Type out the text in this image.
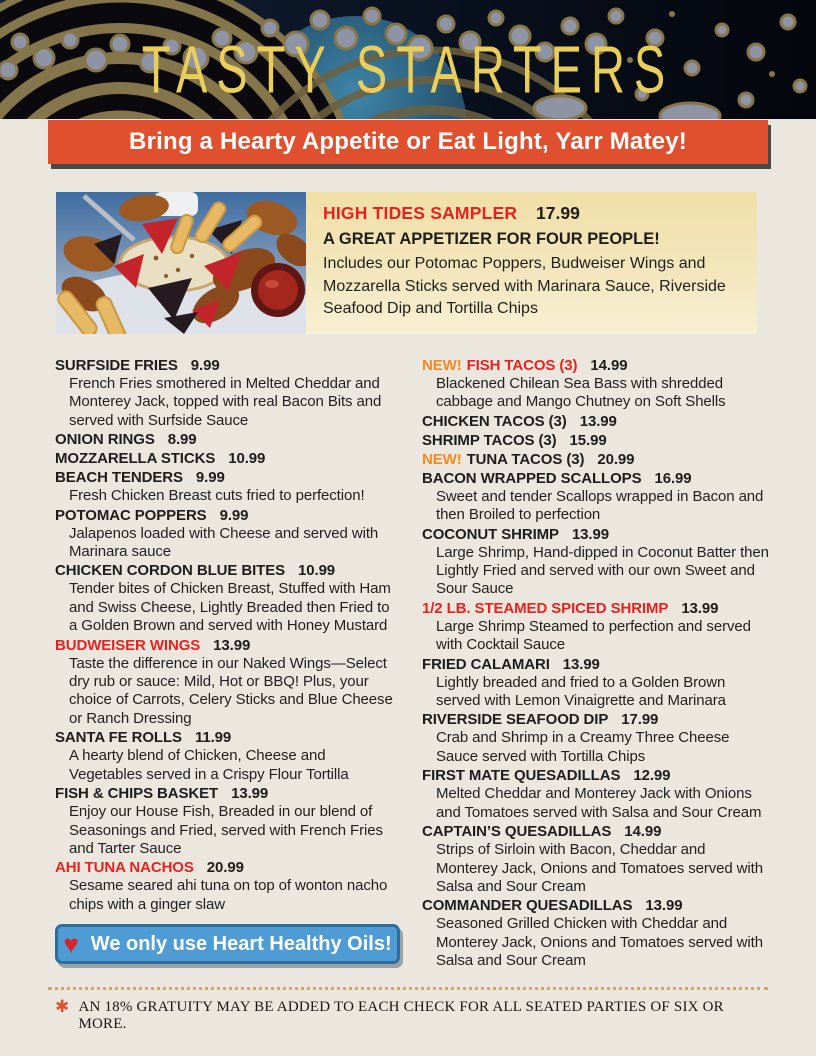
TASTY STARTERS
Bring a Hearty Appetite or Eat Light, Yarr Matey!
HIGH TIDES SAMPLER 17.99
A GREAT APPETIZER FOR FOUR PEOPLE!
Includes our Potomac Poppers, Budweiser Wings and Mozzarella Sticks served with Marinara Sauce, Riverside Seafood Dip and Tortilla Chips
SURFSIDE FRIES 9.99
French Fries smothered in Melted Cheddar and Monterey Jack, topped with real Bacon Bits and served with Surfside Sauce
ONION RINGS 8.99
MOZZARELLA STICKS 10.99
BEACH TENDERS 9.99
Fresh Chicken Breast cuts fried to perfection!
POTOMAC POPPERS 9.99
Jalapenos loaded with Cheese and served with Marinara sauce
CHICKEN CORDON BLUE BITES 10.99
Tender bites of Chicken Breast, Stuffed with Ham and Swiss Cheese, Lightly Breaded then Fried to a Golden Brown and served with Honey Mustard
BUDWEISER WINGS 13.99
Taste the difference in our Naked Wings—Select dry rub or sauce: Mild, Hot or BBQ! Plus, your choice of Carrots, Celery Sticks and Blue Cheese or Ranch Dressing
SANTA FE ROLLS 11.99
A hearty blend of Chicken, Cheese and Vegetables served in a Crispy Flour Tortilla
FISH & CHIPS BASKET 13.99
Enjoy our House Fish, Breaded in our blend of Seasonings and Fried, served with French Fries and Tarter Sauce
AHI TUNA NACHOS 20.99
Sesame seared ahi tuna on top of wonton nacho chips with a ginger slaw
♥ We only use Heart Healthy Oils!
NEW! FISH TACOS (3) 14.99
Blackened Chilean Sea Bass with shredded cabbage and Mango Chutney on Soft Shells
CHICKEN TACOS (3) 13.99
SHRIMP TACOS (3) 15.99
NEW! TUNA TACOS (3) 20.99
BACON WRAPPED SCALLOPS 16.99
Sweet and tender Scallops wrapped in Bacon and then Broiled to perfection
COCONUT SHRIMP 13.99
Large Shrimp, Hand-dipped in Coconut Batter then Lightly Fried and served with our own Sweet and Sour Sauce
1/2 LB. STEAMED SPICED SHRIMP 13.99
Large Shrimp Steamed to perfection and served with Cocktail Sauce
FRIED CALAMARI 13.99
Lightly breaded and fried to a Golden Brown served with Lemon Vinaigrette and Marinara
RIVERSIDE SEAFOOD DIP 17.99
Crab and Shrimp in a Creamy Three Cheese Sauce served with Tortilla Chips
FIRST MATE QUESADILLAS 12.99
Melted Cheddar and Monterey Jack with Onions and Tomatoes served with Salsa and Sour Cream
CAPTAIN’S QUESADILLAS 14.99
Strips of Sirloin with Bacon, Cheddar and Monterey Jack, Onions and Tomatoes served with Salsa and Sour Cream
COMMANDER QUESADILLAS 13.99
Seasoned Grilled Chicken with Cheddar and Monterey Jack, Onions and Tomatoes served with Salsa and Sour Cream
✱ AN 18% GRATUITY MAY BE ADDED TO EACH CHECK FOR ALL SEATED PARTIES OF SIX OR MORE.
